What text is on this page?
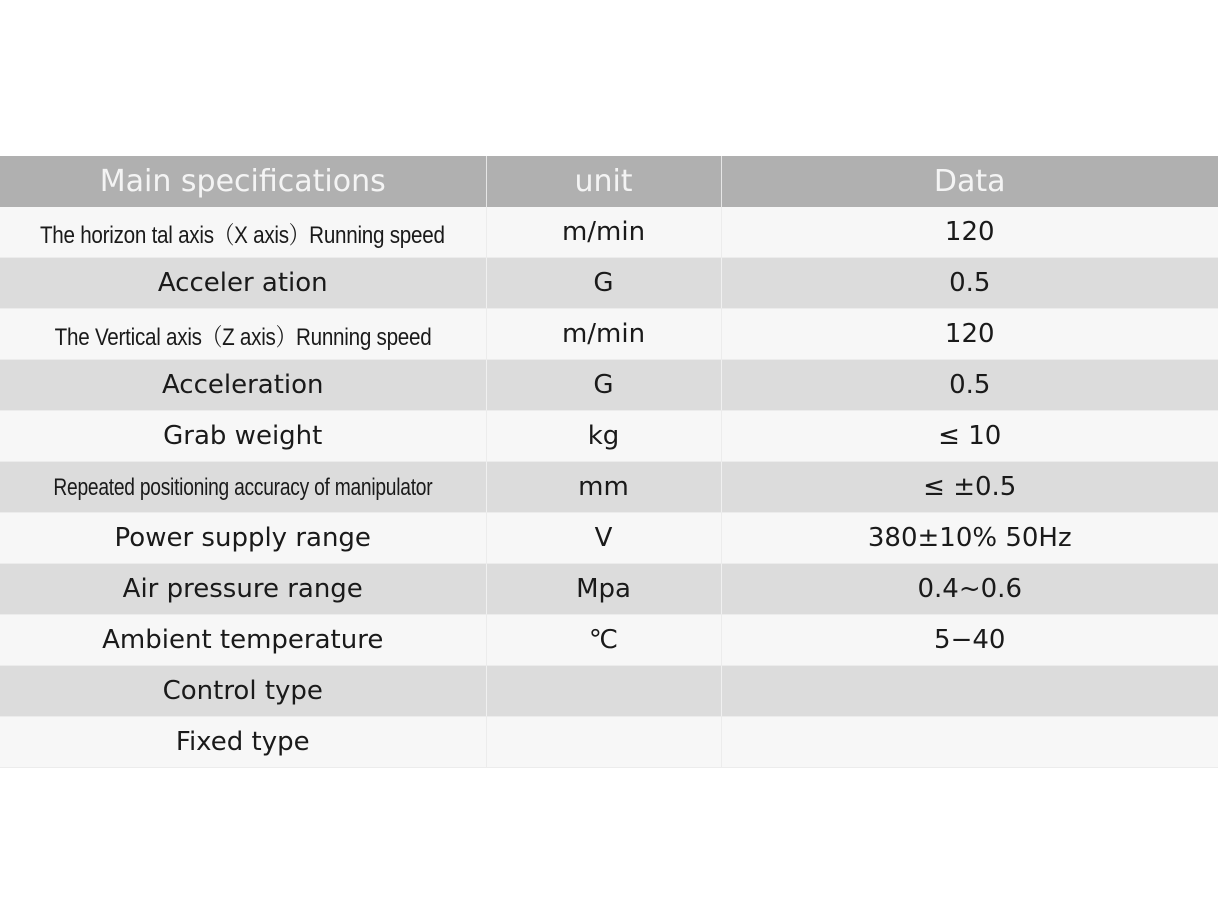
Main specifications	unit	Data
The horizon tal axis（X axis）Running speed	m/min	120
Acceler ation	G	0.5
The Vertical axis（Z axis）Running speed	m/min	120
Acceleration	G	0.5
Grab weight	kg	≤ 10
Repeated positioning accuracy of manipulator	mm	≤ ±0.5
Power supply range	V	380±10% 50Hz
Air pressure range	Mpa	0.4~0.6
Ambient temperature	℃	5−40
Control type		
Fixed type		
